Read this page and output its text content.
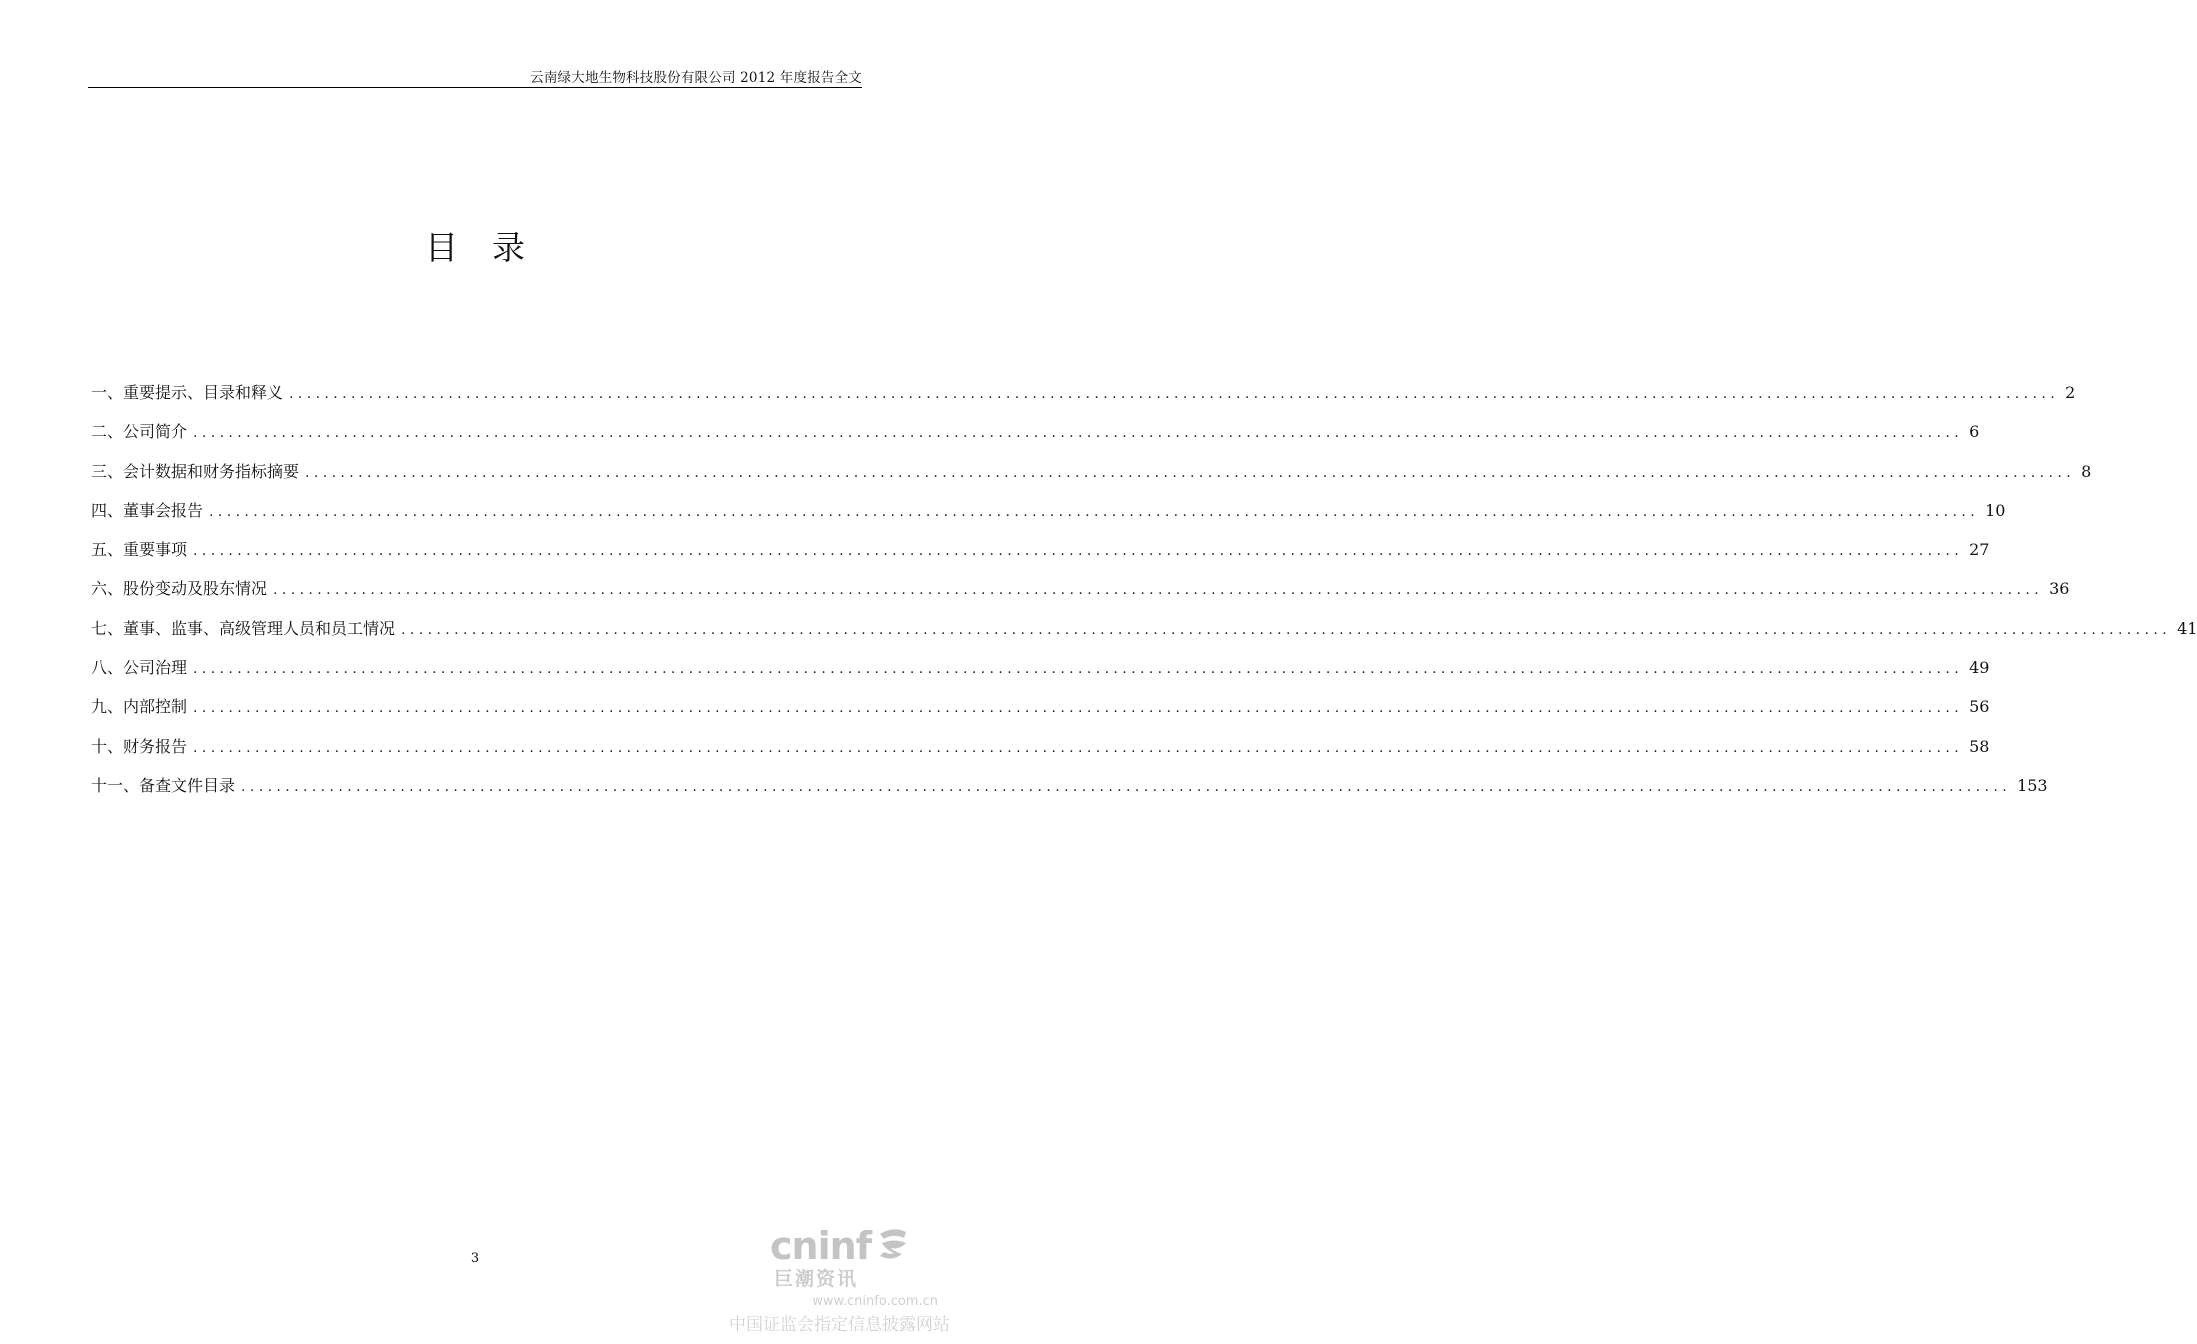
云南绿大地生物科技股份有限公司 2012 年度报告全文
目录
一、重要提示、目录和释义 ........................................................................................................................................................................................................ 2
二、公司简介 ........................................................................................................................................................................................................ 6
三、会计数据和财务指标摘要 ........................................................................................................................................................................................................ 8
四、董事会报告 ........................................................................................................................................................................................................ 10
五、重要事项 ........................................................................................................................................................................................................ 27
六、股份变动及股东情况 ........................................................................................................................................................................................................ 36
七、董事、监事、高级管理人员和员工情况 ........................................................................................................................................................................................................ 41
八、公司治理 ........................................................................................................................................................................................................ 49
九、内部控制 ........................................................................................................................................................................................................ 56
十、财务报告 ........................................................................................................................................................................................................ 58
十一、备查文件目录 ........................................................................................................................................................................................................ 153
3	cninf
巨潮资讯
www.cninfo.com.cn
中国证监会指定信息披露网站
